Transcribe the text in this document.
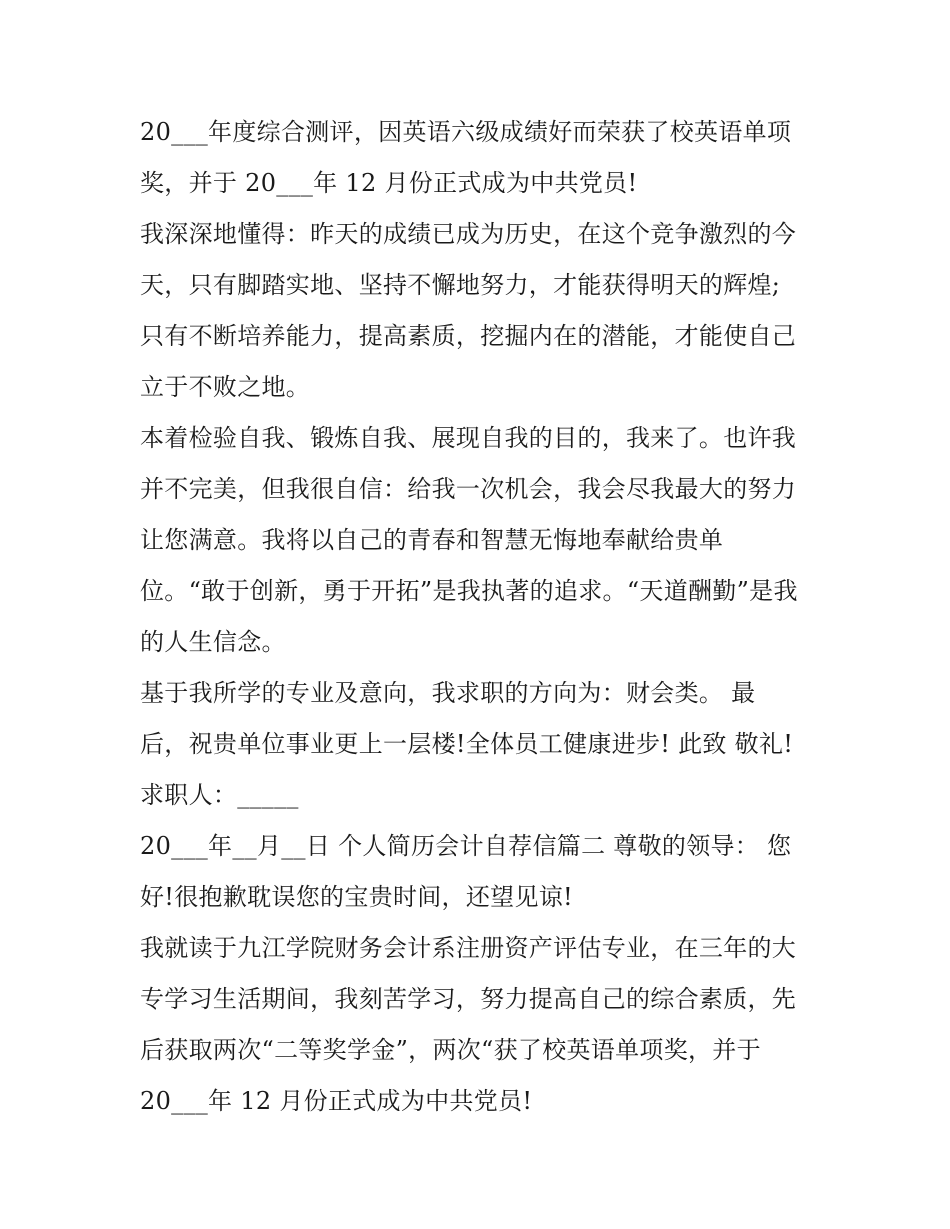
20___年度综合测评，因英语六级成绩好而荣获了校英语单项
奖，并于 20___年 12 月份正式成为中共党员!
我深深地懂得：昨天的成绩已成为历史，在这个竞争激烈的今
天，只有脚踏实地、坚持不懈地努力，才能获得明天的辉煌;
只有不断培养能力，提高素质，挖掘内在的潜能，才能使自己
立于不败之地。
本着检验自我、锻炼自我、展现自我的目的，我来了。也许我
并不完美，但我很自信：给我一次机会，我会尽我最大的努力
让您满意。我将以自己的青春和智慧无悔地奉献给贵单
位。“敢于创新，勇于开拓”是我执著的追求。“天道酬勤”是我
的人生信念。
基于我所学的专业及意向，我求职的方向为：财会类。 最
后，祝贵单位事业更上一层楼!全体员工健康进步! 此致 敬礼!
求职人：_____
20___年__月__日 个人简历会计自荐信篇二 尊敬的领导： 您
好!很抱歉耽误您的宝贵时间，还望见谅!
我就读于九江学院财务会计系注册资产评估专业，在三年的大
专学习生活期间，我刻苦学习，努力提高自己的综合素质，先
后获取两次“二等奖学金”，两次“获了校英语单项奖，并于
20___年 12 月份正式成为中共党员!
